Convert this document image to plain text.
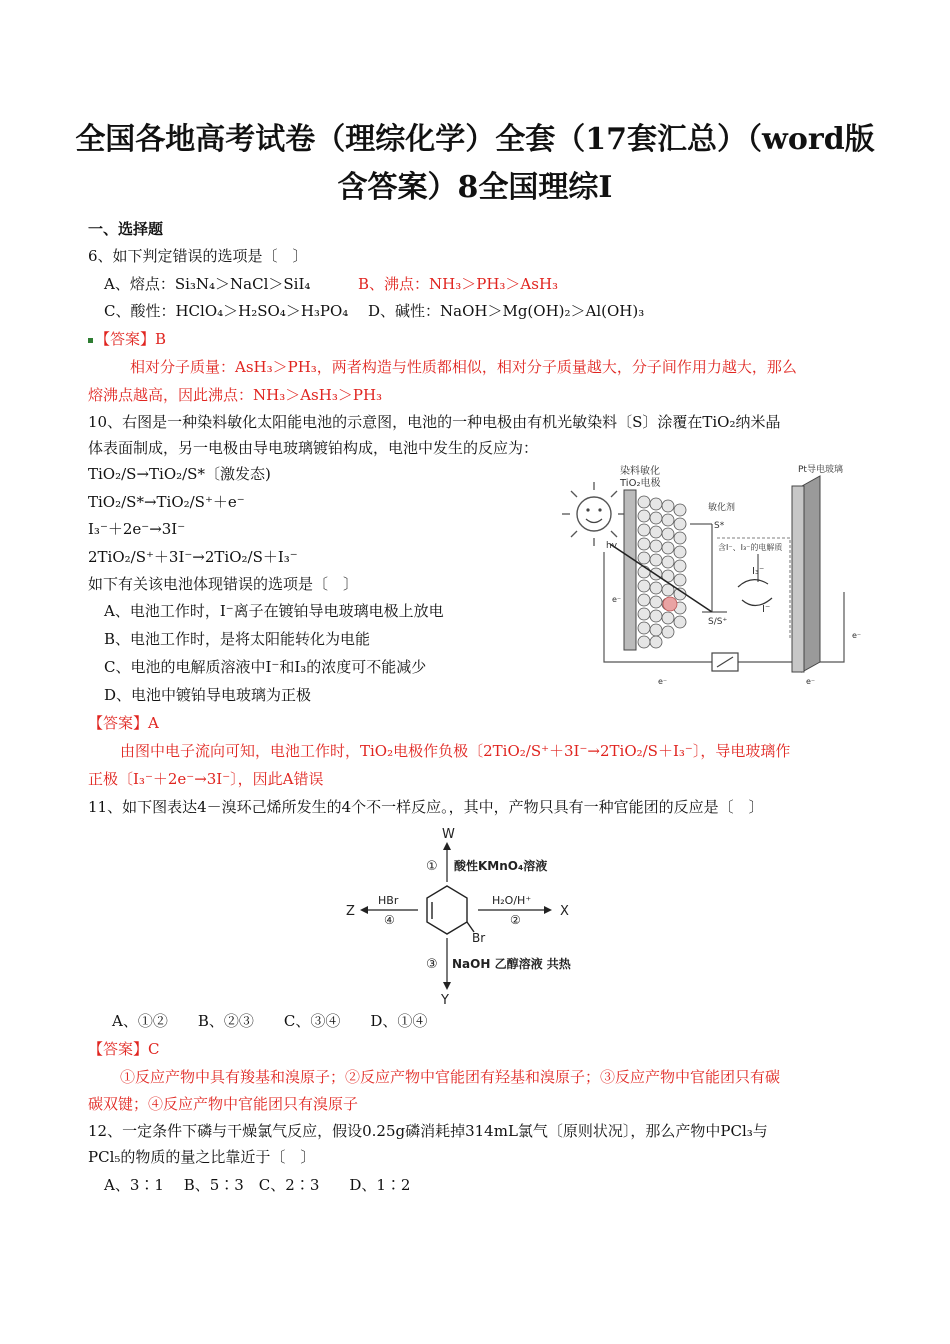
全国各地高考试卷（理综化学）全套（17套汇总）（word版
含答案）8全国理综Ⅰ
一、选择题
6、如下判定错误的选项是〔　〕
A、熔点：Si₃N₄＞NaCl＞SiI₄	B、沸点：NH₃＞PH₃＞AsH₃
C、酸性：HClO₄＞H₂SO₄＞H₃PO₄ D、碱性：NaOH＞Mg(OH)₂＞Al(OH)₃
【答案】B
相对分子质量：AsH₃＞PH₃，两者构造与性质都相似，相对分子质量越大，分子间作用力越大，那么
熔沸点越高，因此沸点：NH₃＞AsH₃＞PH₃
10、右图是一种染料敏化太阳能电池的示意图，电池的一种电极由有机光敏染料〔S〕涂覆在TiO₂纳米晶
体表面制成，另一电极由导电玻璃镀铂构成，电池中发生的反应为：
TiO₂/S→TiO₂/S*〔激发态)
TiO₂/S*→TiO₂/S⁺＋e⁻
I₃⁻＋2e⁻→3I⁻
2TiO₂/S⁺＋3I⁻→2TiO₂/S＋I₃⁻
如下有关该电池体现错误的选项是〔　〕
A、电池工作时，I⁻离子在镀铂导电玻璃电极上放电
B、电池工作时，是将太阳能转化为电能
C、电池的电解质溶液中I⁻和I₃的浓度可不能减少
D、电池中镀铂导电玻璃为正极
染料敏化
TiO₂电极
Pt导电玻璃
敏化剂
S*
含I⁻、I₃⁻的电解质
hv
I₃⁻
I⁻
S/S⁺
e⁻
e⁻
e⁻	e⁻
【答案】A
由图中电子流向可知，电池工作时，TiO₂电极作负极〔2TiO₂/S⁺＋3I⁻→2TiO₂/S＋I₃⁻〕，导电玻璃作
正极〔I₃⁻＋2e⁻→3I⁻〕，因此A错误
11、如下图表达4－溴环己烯所发生的4个不一样反应。，其中，产物只具有一种官能团的反应是〔　〕
W
① 酸性KMnO₄溶液
Br
Z
HBr
④
X
H₂O/H⁺
②
③ NaOH 乙醇溶液 共热
Y
A、①②　　B、②③　　C、③④　　D、①④
【答案】C
①反应产物中具有羧基和溴原子；②反应产物中官能团有羟基和溴原子；③反应产物中官能团只有碳
碳双键；④反应产物中官能团只有溴原子
12、一定条件下磷与干燥氯气反应，假设0.25g磷消耗掉314mL氯气〔原则状况〕，那么产物中PCl₃与
PCl₅的物质的量之比靠近于〔　〕
A、3∶1　 B、5∶3　C、2∶3　　D、1∶2
